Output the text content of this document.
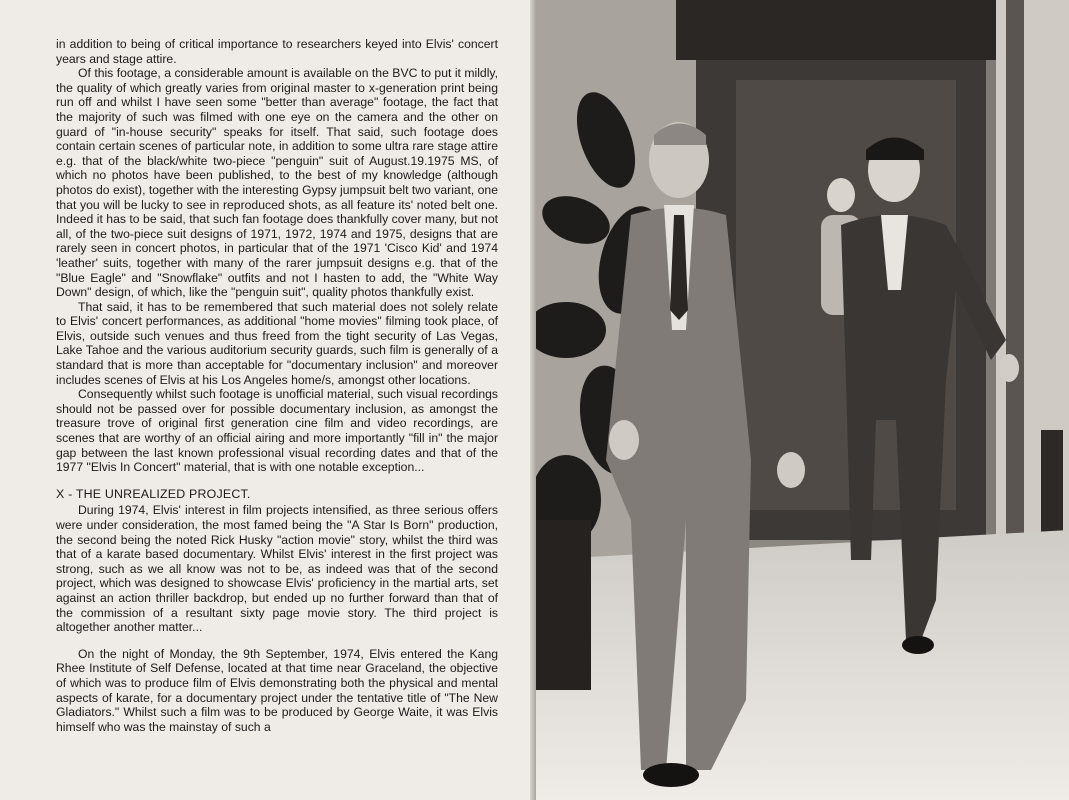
in addition to being of critical importance to researchers keyed into Elvis' concert years and stage attire.

Of this footage, a considerable amount is available on the BVC to put it mildly, the quality of which greatly varies from original master to x-generation print being run off and whilst I have seen some "better than average" footage, the fact that the majority of such was filmed with one eye on the camera and the other on guard of "in-house security" speaks for itself. That said, such footage does contain certain scenes of particular note, in addition to some ultra rare stage attire e.g. that of the black/white two-piece "penguin" suit of August.19.1975 MS, of which no photos have been published, to the best of my knowledge (although photos do exist), together with the interesting Gypsy jumpsuit belt two variant, one that you will be lucky to see in reproduced shots, as all feature its' noted belt one. Indeed it has to be said, that such fan footage does thankfully cover many, but not all, of the two-piece suit designs of 1971, 1972, 1974 and 1975, designs that are rarely seen in concert photos, in particular that of the 1971 'Cisco Kid' and 1974 'leather' suits, together with many of the rarer jumpsuit designs e.g. that of the "Blue Eagle" and "Snowflake" outfits and not I hasten to add, the "White Way Down" design, of which, like the "penguin suit", quality photos thankfully exist.

That said, it has to be remembered that such material does not solely relate to Elvis' concert performances, as additional "home movies" filming took place, of Elvis, outside such venues and thus freed from the tight security of Las Vegas, Lake Tahoe and the various auditorium security guards, such film is generally of a standard that is more than acceptable for "documentary inclusion" and moreover includes scenes of Elvis at his Los Angeles home/s, amongst other locations.

Consequently whilst such footage is unofficial material, such visual recordings should not be passed over for possible documentary inclusion, as amongst the treasure trove of original first generation cine film and video recordings, are scenes that are worthy of an official airing and more importantly "fill in" the major gap between the last known professional visual recording dates and that of the 1977 "Elvis In Concert" material, that is with one notable exception...

X - THE UNREALIZED PROJECT.

During 1974, Elvis' interest in film projects intensified, as three serious offers were under consideration, the most famed being the "A Star Is Born" production, the second being the noted Rick Husky "action movie" story, whilst the third was that of a karate based documentary. Whilst Elvis' interest in the first project was strong, such as we all know was not to be, as indeed was that of the second project, which was designed to showcase Elvis' proficiency in the martial arts, set against an action thriller backdrop, but ended up no further forward than that of the commission of a resultant sixty page movie story. The third project is altogether another matter...

On the night of Monday, the 9th September, 1974, Elvis entered the Kang Rhee Institute of Self Defense, located at that time near Graceland, the objective of which was to produce film of Elvis demonstrating both the physical and mental aspects of karate, for a documentary project under the tentative title of "The New Gladiators." Whilst such a film was to be produced by George Waite, it was Elvis himself who was the mainstay of such a
